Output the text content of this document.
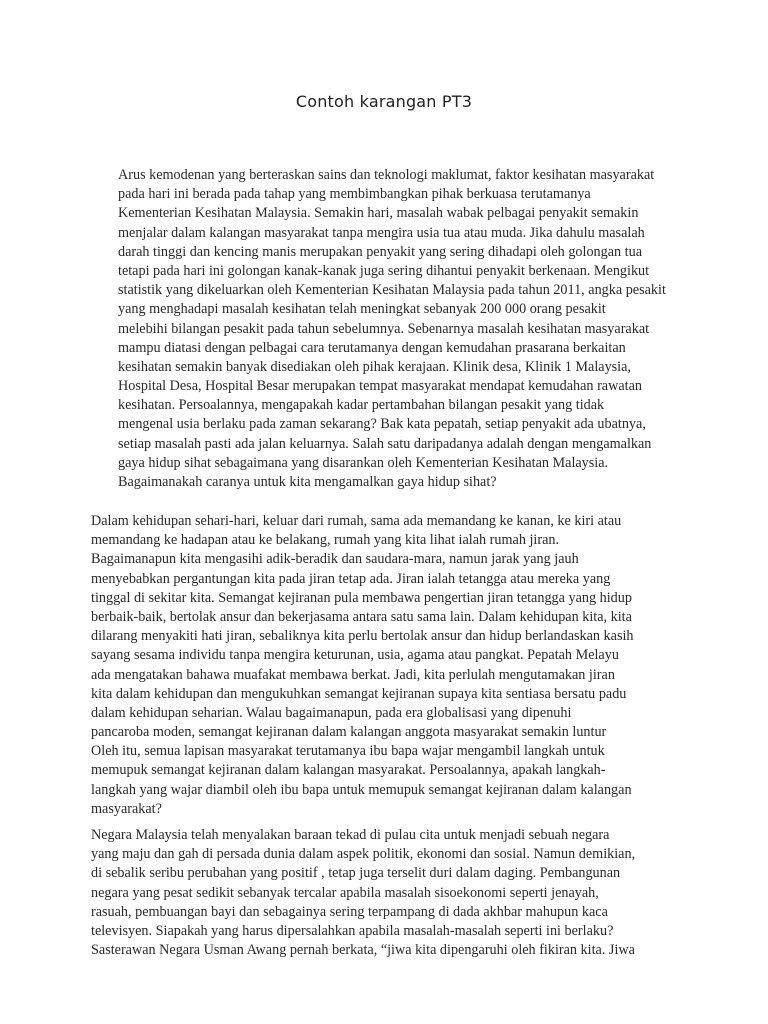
Contoh karangan PT3
Arus kemodenan yang berteraskan sains dan teknologi maklumat, faktor kesihatan masyarakat
pada hari ini berada pada tahap yang membimbangkan pihak berkuasa terutamanya
Kementerian Kesihatan Malaysia. Semakin hari, masalah wabak pelbagai penyakit semakin
menjalar dalam kalangan masyarakat tanpa mengira usia tua atau muda. Jika dahulu masalah
darah tinggi dan kencing manis merupakan penyakit yang sering dihadapi oleh golongan tua
tetapi pada hari ini golongan kanak-kanak juga sering dihantui penyakit berkenaan. Mengikut
statistik yang dikeluarkan oleh Kementerian Kesihatan Malaysia pada tahun 2011, angka pesakit
yang menghadapi masalah kesihatan telah meningkat sebanyak 200 000 orang pesakit
melebihi bilangan pesakit pada tahun sebelumnya. Sebenarnya masalah kesihatan masyarakat
mampu diatasi dengan pelbagai cara terutamanya dengan kemudahan prasarana berkaitan
kesihatan semakin banyak disediakan oleh pihak kerajaan. Klinik desa, Klinik 1 Malaysia,
Hospital Desa, Hospital Besar merupakan tempat masyarakat mendapat kemudahan rawatan
kesihatan. Persoalannya, mengapakah kadar pertambahan bilangan pesakit yang tidak
mengenal usia berlaku pada zaman sekarang? Bak kata pepatah, setiap penyakit ada ubatnya,
setiap masalah pasti ada jalan keluarnya. Salah satu daripadanya adalah dengan mengamalkan
gaya hidup sihat sebagaimana yang disarankan oleh Kementerian Kesihatan Malaysia.
Bagaimanakah caranya untuk kita mengamalkan gaya hidup sihat?
Dalam kehidupan sehari-hari, keluar dari rumah, sama ada memandang ke kanan, ke kiri atau
memandang ke hadapan atau ke belakang, rumah yang kita lihat ialah rumah jiran.
Bagaimanapun kita mengasihi adik-beradik dan saudara-mara, namun jarak yang jauh
menyebabkan pergantungan kita pada jiran tetap ada. Jiran ialah tetangga atau mereka yang
tinggal di sekitar kita. Semangat kejiranan pula membawa pengertian jiran tetangga yang hidup
berbaik-baik, bertolak ansur dan bekerjasama antara satu sama lain. Dalam kehidupan kita, kita
dilarang menyakiti hati jiran, sebaliknya kita perlu bertolak ansur dan hidup berlandaskan kasih
sayang sesama individu tanpa mengira keturunan, usia, agama atau pangkat. Pepatah Melayu
ada mengatakan bahawa muafakat membawa berkat. Jadi, kita perlulah mengutamakan jiran
kita dalam kehidupan dan mengukuhkan semangat kejiranan supaya kita sentiasa bersatu padu
dalam kehidupan seharian. Walau bagaimanapun, pada era globalisasi yang dipenuhi
pancaroba moden, semangat kejiranan dalam kalangan anggota masyarakat semakin luntur
Oleh itu, semua lapisan masyarakat terutamanya ibu bapa wajar mengambil langkah untuk
memupuk semangat kejiranan dalam kalangan masyarakat. Persoalannya, apakah langkah-
langkah yang wajar diambil oleh ibu bapa untuk memupuk semangat kejiranan dalam kalangan
masyarakat?
Negara Malaysia telah menyalakan baraan tekad di pulau cita untuk menjadi sebuah negara
yang maju dan gah di persada dunia dalam aspek politik, ekonomi dan sosial. Namun demikian,
di sebalik seribu perubahan yang positif , tetap juga terselit duri dalam daging. Pembangunan
negara yang pesat sedikit sebanyak tercalar apabila masalah sisoekonomi seperti jenayah,
rasuah, pembuangan bayi dan sebagainya sering terpampang di dada akhbar mahupun kaca
televisyen. Siapakah yang harus dipersalahkan apabila masalah-masalah seperti ini berlaku?
Sasterawan Negara Usman Awang pernah berkata, “jiwa kita dipengaruhi oleh fikiran kita. Jiwa
